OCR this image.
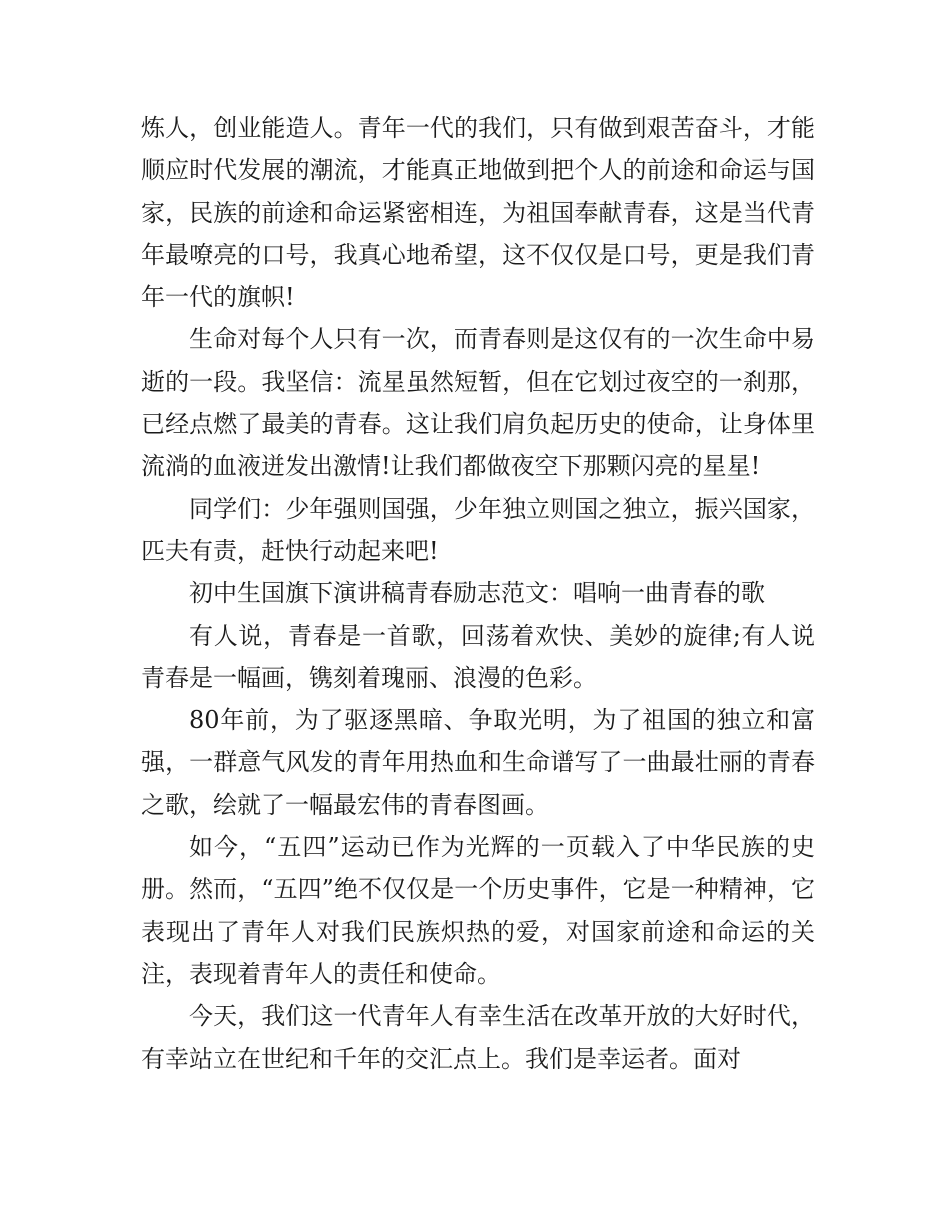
炼人，创业能造人。青年一代的我们，只有做到艰苦奋斗，才能顺应时代发展的潮流，才能真正地做到把个人的前途和命运与国家，民族的前途和命运紧密相连，为祖国奉献青春，这是当代青年最嘹亮的口号，我真心地希望，这不仅仅是口号，更是我们青年一代的旗帜!

生命对每个人只有一次，而青春则是这仅有的一次生命中易逝的一段。我坚信：流星虽然短暂，但在它划过夜空的一刹那，已经点燃了最美的青春。这让我们肩负起历史的使命，让身体里流淌的血液迸发出激情!让我们都做夜空下那颗闪亮的星星!

同学们：少年强则国强，少年独立则国之独立，振兴国家，匹夫有责，赶快行动起来吧!

初中生国旗下演讲稿青春励志范文：唱响一曲青春的歌

有人说，青春是一首歌，回荡着欢快、美妙的旋律;有人说青春是一幅画，镌刻着瑰丽、浪漫的色彩。

80年前，为了驱逐黑暗、争取光明，为了祖国的独立和富强，一群意气风发的青年用热血和生命谱写了一曲最壮丽的青春之歌，绘就了一幅最宏伟的青春图画。

如今，“五四”运动已作为光辉的一页载入了中华民族的史册。然而，“五四”绝不仅仅是一个历史事件，它是一种精神，它表现出了青年人对我们民族炽热的爱，对国家前途和命运的关注，表现着青年人的责任和使命。

今天，我们这一代青年人有幸生活在改革开放的大好时代，有幸站立在世纪和千年的交汇点上。我们是幸运者。面对
